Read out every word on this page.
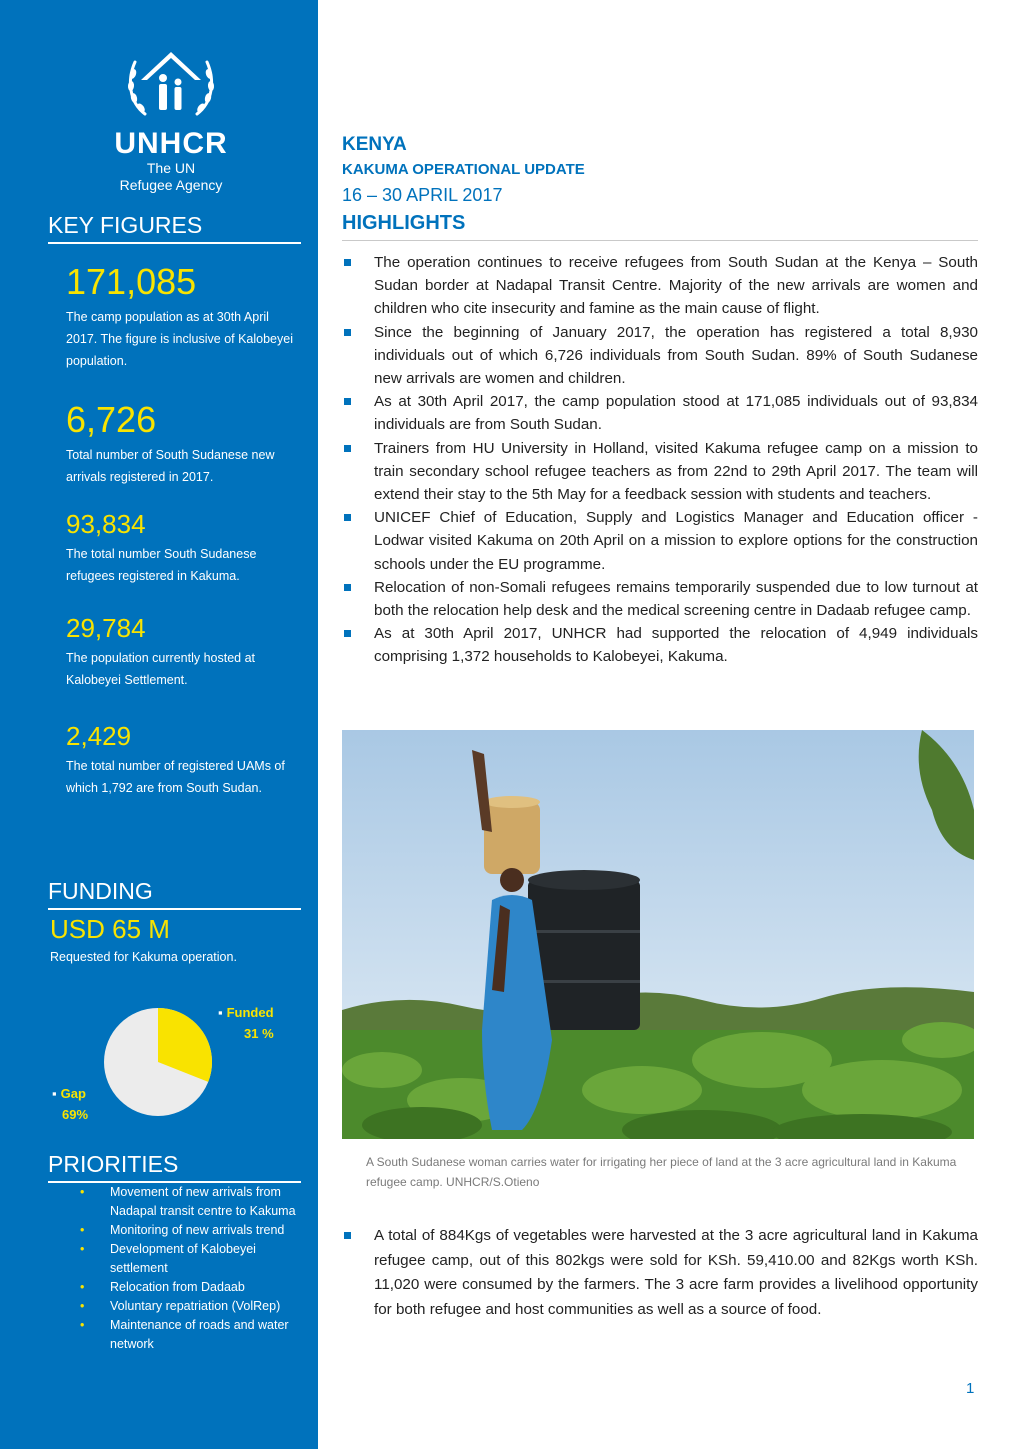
UNHCR
The UN
Refugee Agency
KEY FIGURES
171,085
The camp population as at 30th April 2017. The figure is inclusive of Kalobeyei population.
6,726
Total number of South Sudanese new arrivals registered in 2017.
93,834
The total number South Sudanese refugees registered in Kakuma.
29,784
The population currently hosted at Kalobeyei Settlement.
2,429
The total number of registered UAMs of which 1,792 are from South Sudan.
FUNDING
USD 65 M
Requested for Kakuma operation.
▪ Funded
31 %
▪ Gap
69%
PRIORITIES
• Movement of new arrivals from Nadapal transit centre to Kakuma
• Monitoring of new arrivals trend
• Development of Kalobeyei settlement
• Relocation from Dadaab
• Voluntary repatriation (VolRep)
• Maintenance of roads and water network
KENYA
KAKUMA OPERATIONAL UPDATE
16 – 30 APRIL 2017
HIGHLIGHTS
The operation continues to receive refugees from South Sudan at the Kenya – South Sudan border at Nadapal Transit Centre. Majority of the new arrivals are women and children who cite insecurity and famine as the main cause of flight.
Since the beginning of January 2017, the operation has registered a total 8,930 individuals out of which 6,726 individuals from South Sudan. 89% of South Sudanese new arrivals are women and children.
As at 30th April 2017, the camp population stood at 171,085 individuals out of 93,834 individuals are from South Sudan.
Trainers from HU University in Holland, visited Kakuma refugee camp on a mission to train secondary school refugee teachers as from 22nd to 29th April 2017. The team will extend their stay to the 5th May for a feedback session with students and teachers.
UNICEF Chief of Education, Supply and Logistics Manager and Education officer - Lodwar visited Kakuma on 20th April on a mission to explore options for the construction schools under the EU programme.
Relocation of non-Somali refugees remains temporarily suspended due to low turnout at both the relocation help desk and the medical screening centre in Dadaab refugee camp.
As at 30th April 2017, UNHCR had supported the relocation of 4,949 individuals comprising 1,372 households to Kalobeyei, Kakuma.
A South Sudanese woman carries water for irrigating her piece of land at the 3 acre agricultural land in Kakuma refugee camp. UNHCR/S.Otieno
A total of 884Kgs of vegetables were harvested at the 3 acre agricultural land in Kakuma refugee camp, out of this 802kgs were sold for KSh. 59,410.00 and 82Kgs worth KSh. 11,020 were consumed by the farmers. The 3 acre farm provides a livelihood opportunity for both refugee and host communities as well as a source of food.
1
